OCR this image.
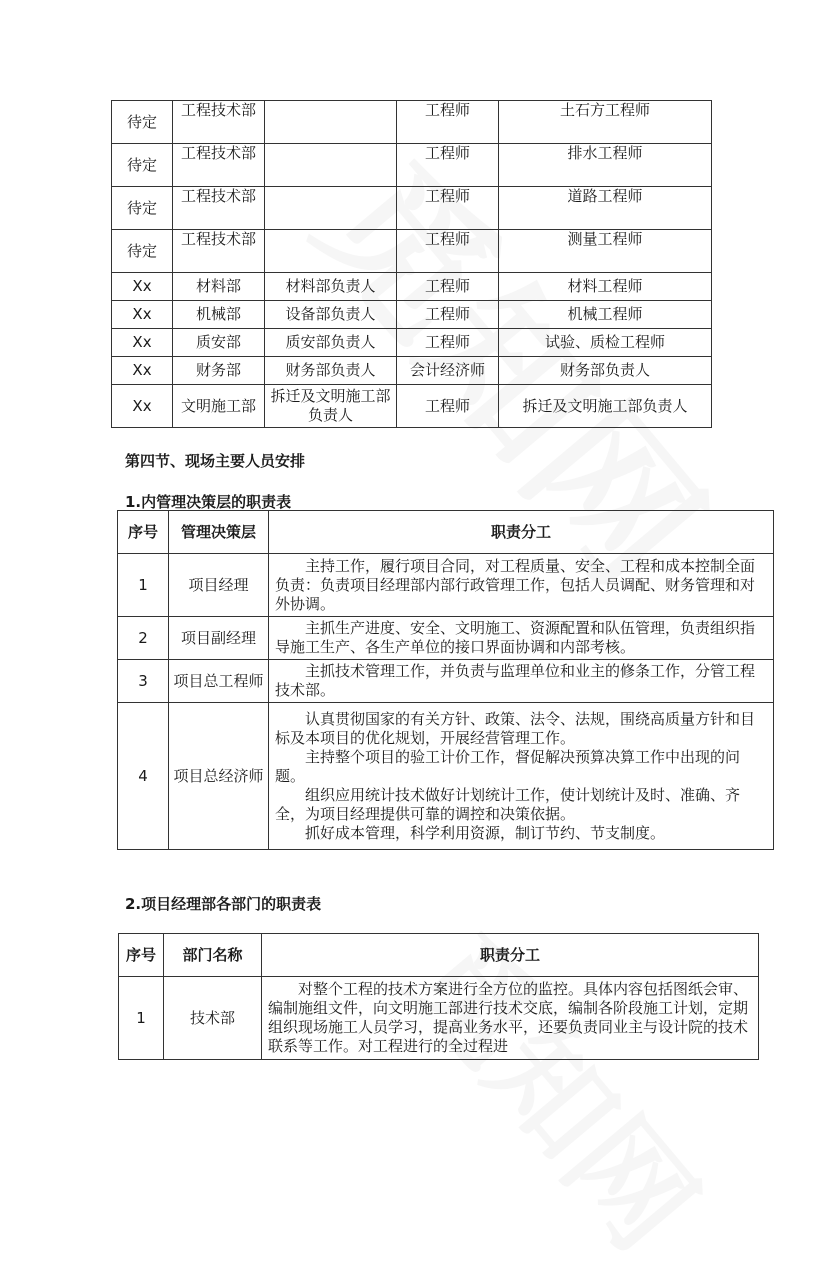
待定	工程技术部		工程师	土石方工程师
待定	工程技术部		工程师	排水工程师
待定	工程技术部		工程师	道路工程师
待定	工程技术部		工程师	测量工程师
Xx	材料部	材料部负责人	工程师	材料工程师
Xx	机械部	设备部负责人	工程师	机械工程师
Xx	质安部	质安部负责人	工程师	试验、质检工程师
Xx	财务部	财务部负责人	会计经济师	财务部负责人
Xx	文明施工部	拆迁及文明施工部负责人	工程师	拆迁及文明施工部负责人
第四节、现场主要人员安排
1.内管理决策层的职责表
序号	管理决策层	职责分工
1	项目经理	主持工作，履行项目合同，对工程质量、安全、工程和成本控制全面负责：负责项目经理部内部行政管理工作，包括人员调配、财务管理和对外协调。

2	项目副经理	主抓生产进度、安全、文明施工、资源配置和队伍管理，负责组织指导施工生产、各生产单位的接口界面协调和内部考核。

3	项目总工程师	主抓技术管理工作，并负责与监理单位和业主的修条工作，分管工程技术部。

4	项目总经济师	认真贯彻国家的有关方针、政策、法令、法规，围绕高质量方针和目标及本项目的优化规划，开展经营管理工作。

主持整个项目的验工计价工作，督促解决预算决算工作中出现的问题。

组织应用统计技术做好计划统计工作，使计划统计及时、准确、齐全，为项目经理提供可靠的调控和决策依据。

抓好成本管理，科学利用资源，制订节约、节支制度。

2.项目经理部各部门的职责表
序号	部门名称	职责分工
1	技术部	对整个工程的技术方案进行全方位的监控。具体内容包括图纸会审、编制施组文件，向文明施工部进行技术交底，编制各阶段施工计划，定期组织现场施工人员学习，提高业务水平，还要负责同业主与设计院的技术联系等工作。对工程进行的全过程进
